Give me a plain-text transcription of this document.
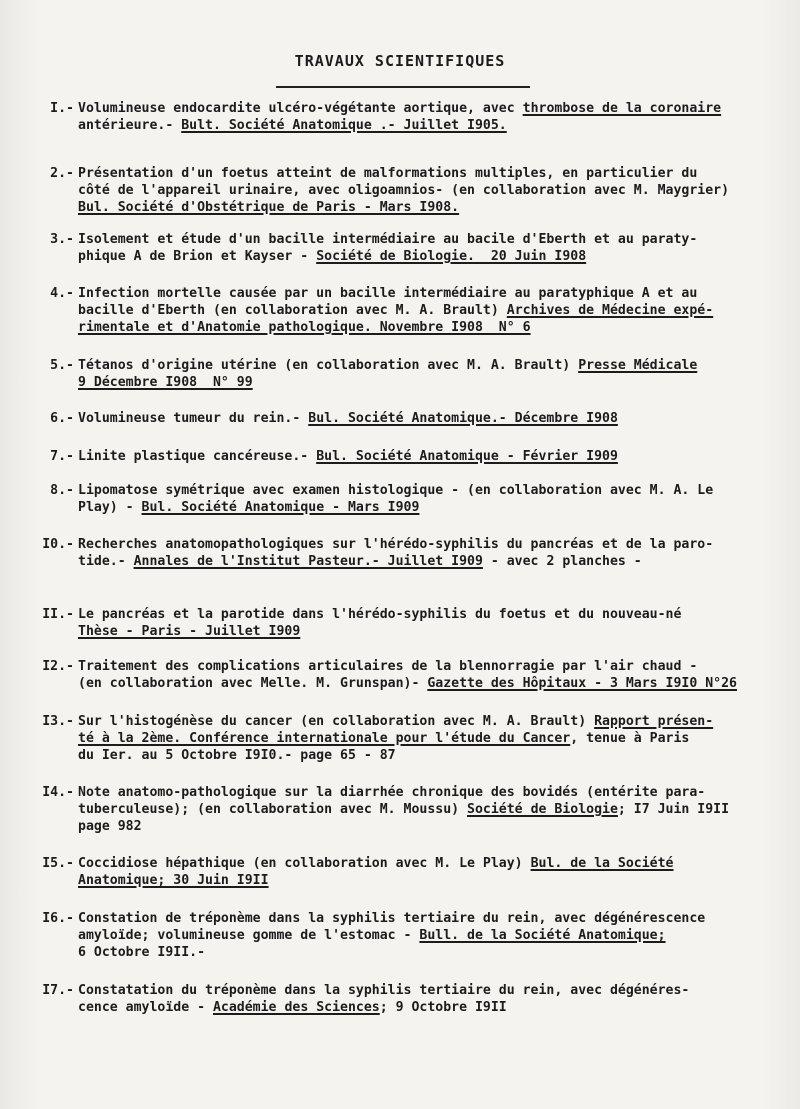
TRAVAUX SCIENTIFIQUES
I.- Volumineuse endocardite ulcéro-végétante aortique, avec thrombose de la coronaire
antérieure.- Bult. Société Anatomique .- Juillet I905.
2.- Présentation d'un foetus atteint de malformations multiples, en particulier du
côté de l'appareil urinaire, avec oligoamnios- (en collaboration avec M. Maygrier)
Bul. Société d'Obstétrique de Paris - Mars I908.
3.- Isolement et étude d'un bacille intermédiaire au bacile d'Eberth et au paraty-
phique A de Brion et Kayser - Société de Biologie.  20 Juin I908
4.- Infection mortelle causée par un bacille intermédiaire au paratyphique A et au
bacille d'Eberth (en collaboration avec M. A. Brault) Archives de Médecine expé-
rimentale et d'Anatomie pathologique. Novembre I908  N° 6
5.- Tétanos d'origine utérine (en collaboration avec M. A. Brault) Presse Médicale
9 Décembre I908  N° 99
6.- Volumineuse tumeur du rein.- Bul. Société Anatomique.- Décembre I908
7.- Linite plastique cancéreuse.- Bul. Société Anatomique - Février I909
8.- Lipomatose symétrique avec examen histologique - (en collaboration avec M. A. Le
Play) - Bul. Société Anatomique - Mars I909
I0.- Recherches anatomopathologiques sur l'hérédo-syphilis du pancréas et de la paro-
tide.- Annales de l'Institut Pasteur.- Juillet I909 - avec 2 planches -
II.- Le pancréas et la parotide dans l'hérédo-syphilis du foetus et du nouveau-né
Thèse - Paris - Juillet I909
I2.- Traitement des complications articulaires de la blennorragie par l'air chaud -
(en collaboration avec Melle. M. Grunspan)- Gazette des Hôpitaux - 3 Mars I9I0 N°26
I3.- Sur l'histogénèse du cancer (en collaboration avec M. A. Brault) Rapport présen-
té à la 2ème. Conférence internationale pour l'étude du Cancer, tenue à Paris
du Ier. au 5 Octobre I9I0.- page 65 - 87
I4.- Note anatomo-pathologique sur la diarrhée chronique des bovidés (entérite para-
tuberculeuse); (en collaboration avec M. Moussu) Société de Biologie; I7 Juin I9II
page 982
I5.- Coccidiose hépathique (en collaboration avec M. Le Play) Bul. de la Société
Anatomique; 30 Juin I9II
I6.- Constation de tréponème dans la syphilis tertiaire du rein, avec dégénérescence
amyloïde; volumineuse gomme de l'estomac - Bull. de la Société Anatomique;
6 Octobre I9II.-
I7.- Constatation du tréponème dans la syphilis tertiaire du rein, avec dégénéres-
cence amyloïde - Académie des Sciences; 9 Octobre I9II
